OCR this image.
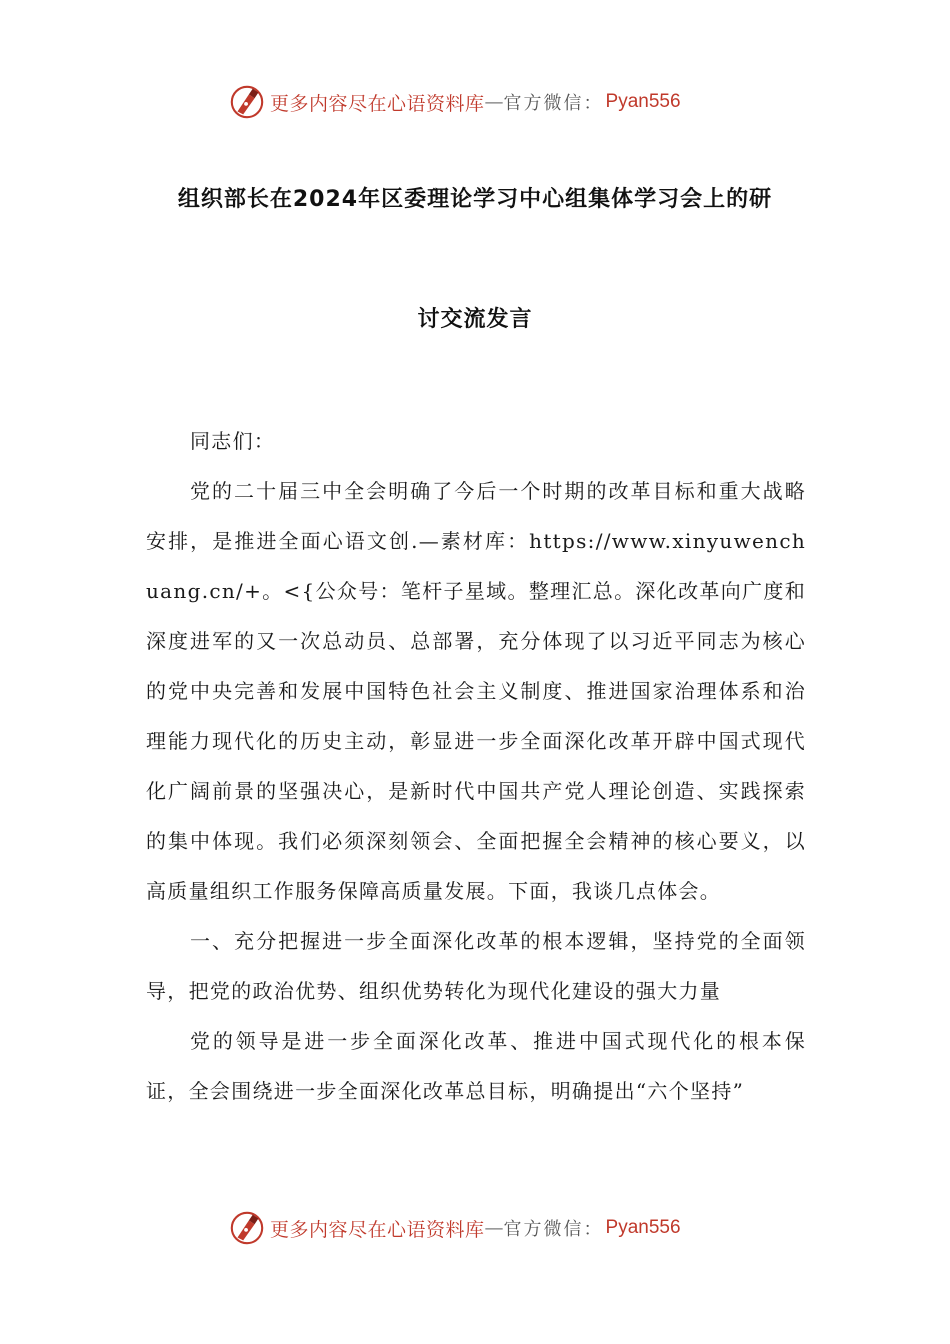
更多内容尽在心语资料库 — 官方微信： Pyan556
组织部长在2024年区委理论学习中心组集体学习会上的研
讨交流发言

同志们：

党的二十届三中全会明确了今后一个时期的改革目标和重大战略安排，是推进全面心语文创.—素材库：https://www.xinyuwenchuang.cn/+。<{公众号：笔杆子星域。整理汇总。深化改革向广度和深度进军的又一次总动员、总部署，充分体现了以习近平同志为核心的党中央完善和发展中国特色社会主义制度、推进国家治理体系和治理能力现代化的历史主动，彰显进一步全面深化改革开辟中国式现代化广阔前景的坚强决心，是新时代中国共产党人理论创造、实践探索的集中体现。我们必须深刻领会、全面把握全会精神的核心要义，以高质量组织工作服务保障高质量发展。下面，我谈几点体会。

一、充分把握进一步全面深化改革的根本逻辑，坚持党的全面领导，把党的政治优势、组织优势转化为现代化建设的强大力量

党的领导是进一步全面深化改革、推进中国式现代化的根本保证，全会围绕进一步全面深化改革总目标，明确提出“六个坚持”

更多内容尽在心语资料库 — 官方微信： Pyan556
